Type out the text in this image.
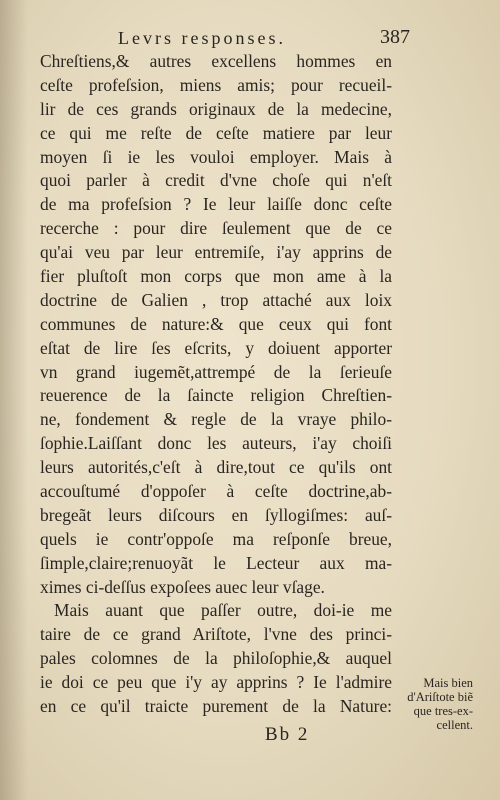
Levrs responses.	387
Chreſtiens,& autres excellens hommes en
ceſte profeſsion, miens amis; pour recueil-
lir de ces grands originaux de la medecine,
ce qui me reſte de ceſte matiere par leur
moyen ſi ie les vouloi employer. Mais à
quoi parler à credit d'vne choſe qui n'eſt
de ma profeſsion ? Ie leur laiſſe donc ceſte
recerche : pour dire ſeulement que de ce
qu'ai veu par leur entremiſe, i'ay apprins de
fier pluſtoſt mon corps que mon ame à la
doctrine de Galien , trop attaché aux loix
communes de nature:& que ceux qui font
eſtat de lire ſes eſcrits, y doiuent apporter
vn grand iugemẽt,attrempé de la ſerieuſe
reuerence de la ſaincte religion Chreſtien-
ne, fondement & regle de la vraye philo-
ſophie.Laiſſant donc les auteurs, i'ay choiſi
leurs autorités,c'eſt à dire,tout ce qu'ils ont
accouſtumé d'oppoſer à ceſte doctrine,ab-
bregeãt leurs diſcours en ſyllogiſmes: auſ-
quels ie contr'oppoſe ma reſponſe breue,
ſimple,claire;renuoyãt le Lecteur aux ma-
ximes ci-deſſus expoſees auec leur vſage.
Mais auant que paſſer outre, doi-ie me
taire de ce grand Ariſtote, l'vne des princi-
pales colomnes de la philoſophie,& auquel
ie doi ce peu que i'y ay apprins ? Ie l'admire
en ce qu'il traicte purement de la Nature:
Mais bien
d'Ariſtote biẽ
que tres-ex-
cellent.
Bb 2
